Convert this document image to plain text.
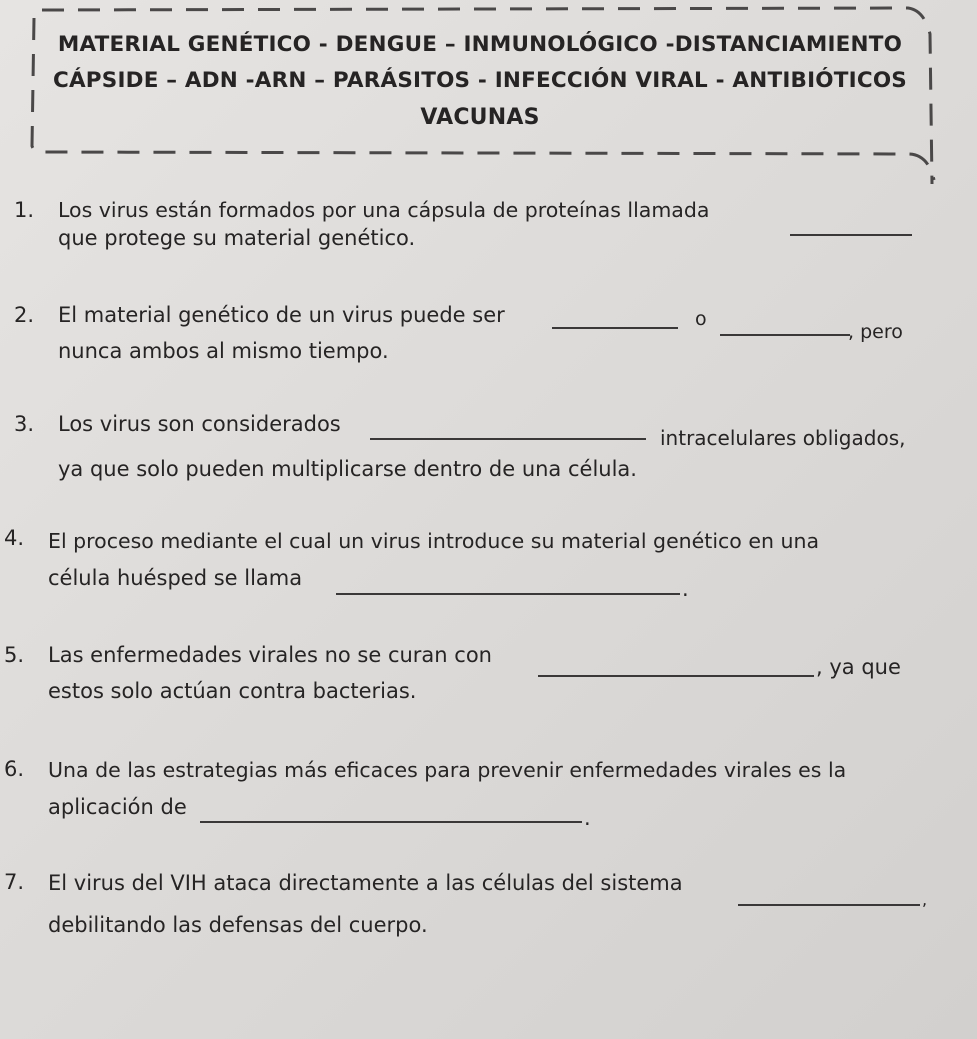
MATERIAL GENÉTICO - DENGUE – INMUNOLÓGICO -DISTANCIAMIENTO
CÁPSIDE – ADN -ARN – PARÁSITOS - INFECCIÓN VIRAL - ANTIBIÓTICOS
VACUNAS
1. Los virus están formados por una cápsula de proteínas llamada
que protege su material genético.
2. El material genético de un virus puede ser	o
, pero
nunca ambos al mismo tiempo.
3. Los virus son considerados
intracelulares obligados,
ya que solo pueden multiplicarse dentro de una célula.
4. El proceso mediante el cual un virus introduce su material genético en una
célula huésped se llama	.
5. Las enfermedades virales no se curan con	, ya que
estos solo actúan contra bacterias.
6. Una de las estrategias más eficaces para prevenir enfermedades virales es la
aplicación de	.
7. El virus del VIH ataca directamente a las células del sistema
,
debilitando las defensas del cuerpo.
